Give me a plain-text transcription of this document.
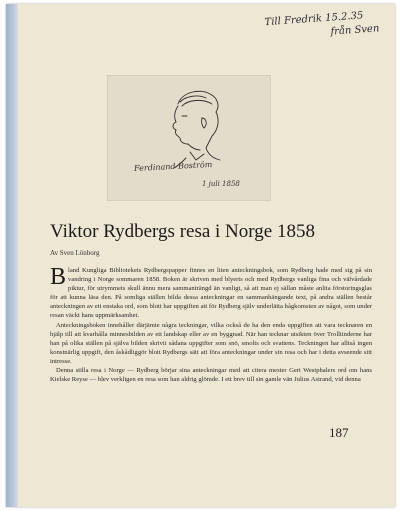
Till Fredrik 15.2.35
från Sven
Ferdinand Boström
1 juli 1858
Viktor Rydbergs resa i Norge 1858
Av Sven Lönborg

Bland Kungliga Bibliotekets Rydbergspapper finnes en liten anteckningsbok, som Rydberg hade med sig på sin vandring i Norge sommaren 1858. Boken är skriven med blyerts och med Rydbergs vanliga fina och välvårdade piktur, för utrymmets skull ännu mera sammanträngd än vanligt, så att man ej sällan måste anlita förstoringsglas för att kunna läsa den. På somliga ställen bilda dessa anteckningar en sammanhängande text, på andra ställen består anteckningen av ett enstaka ord, som blott har uppgiften att för Rydberg själv underlätta hågkomsten av något, som under resan väckt hans uppmärksamhet.

Anteckningsboken innehåller därjämte några teckningar, vilka också de ha den enda uppgiften att vara tecknaren en hjälp till att kvarhålla minnesbilden av ett landskap eller av en byggnad. När han tecknar utsikten över Trolltinderne har han på olika ställen på själva bilden skrivit sådana uppgifter som snö, smolts och svattens. Teckningen har alltså ingen konstnärlig uppgift, den åskådliggör blott Rydbergs sätt att föra anteckningar under sin resa och har i detta avseende sitt intresse.

Denna stilla resa i Norge — Rydberg börjar sina anteckningar med att citera mester Gert Westphalers ord om hans Kielske Reyse — blev verkligen en resa som han aldrig glömde. I ett brev till sin gamle vän Julius Astrand, vid denna

187
